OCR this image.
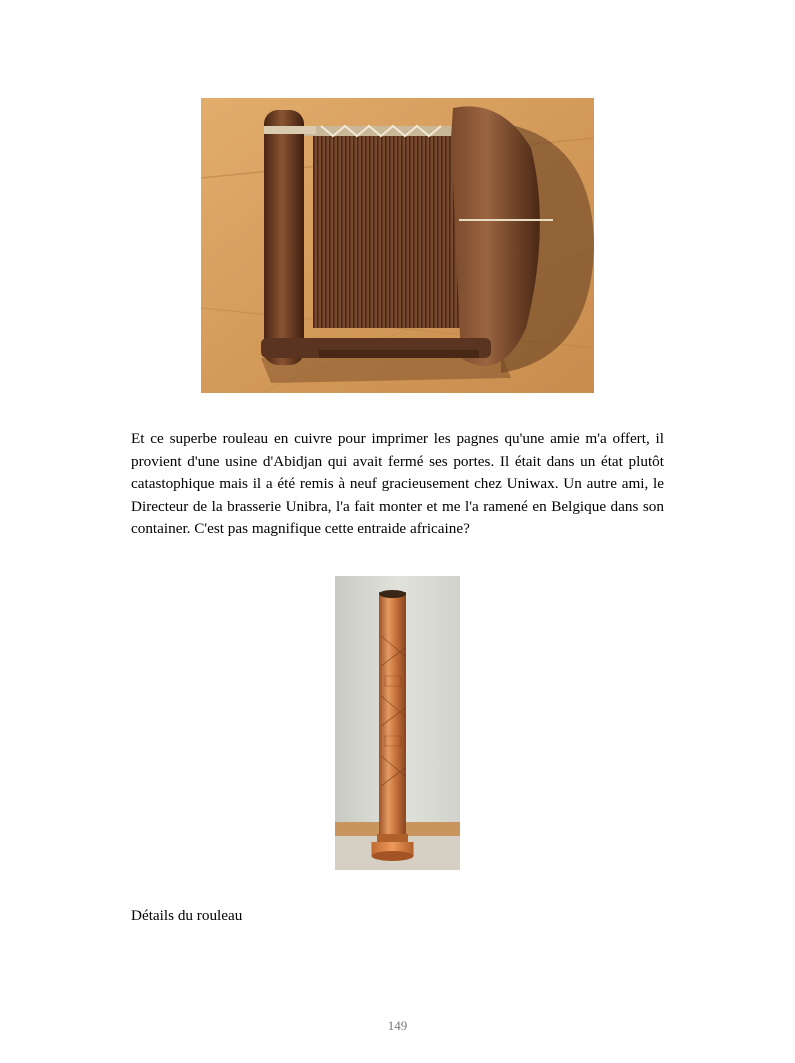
Et ce superbe rouleau en cuivre pour imprimer les pagnes qu'une amie m'a offert, il provient d'une usine d'Abidjan qui avait fermé ses portes. Il était dans un état plutôt catastophique mais il a été remis à neuf gracieusement chez Uniwax. Un autre ami, le Directeur de la brasserie Unibra, l'a fait monter et me l'a ramené en Belgique dans son container. C'est pas magnifique cette entraide africaine?

Détails du rouleau

149
